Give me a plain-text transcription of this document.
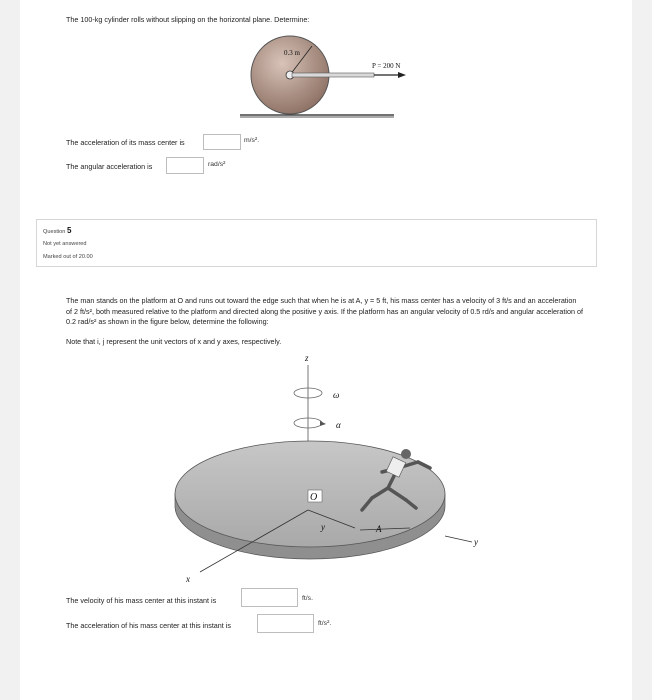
The 100-kg cylinder rolls without slipping on the horizontal plane. Determine:
0.3 m
P = 200 N
The acceleration of its mass center is	m/s².
The angular acceleration is	rad/s²
Question 5
Not yet answered
Marked out of 20.00
The man stands on the platform at O and runs out toward the edge such that when he is at A, y = 5 ft, his mass center has a velocity of 3 ft/s and an acceleration of 2 ft/s², both measured relative to the platform and directed along the positive y axis. If the platform has an angular velocity of 0.5 rd/s and angular acceleration of 0.2 rad/s² as shown in the figure below, determine the following:
Note that i, j represent the unit vectors of x and y axes, respectively.
z
ω
α
O
y	A
y
x
The velocity of his mass center at this instant is	ft/s.
The acceleration of his mass center at this instant is	ft/s².
